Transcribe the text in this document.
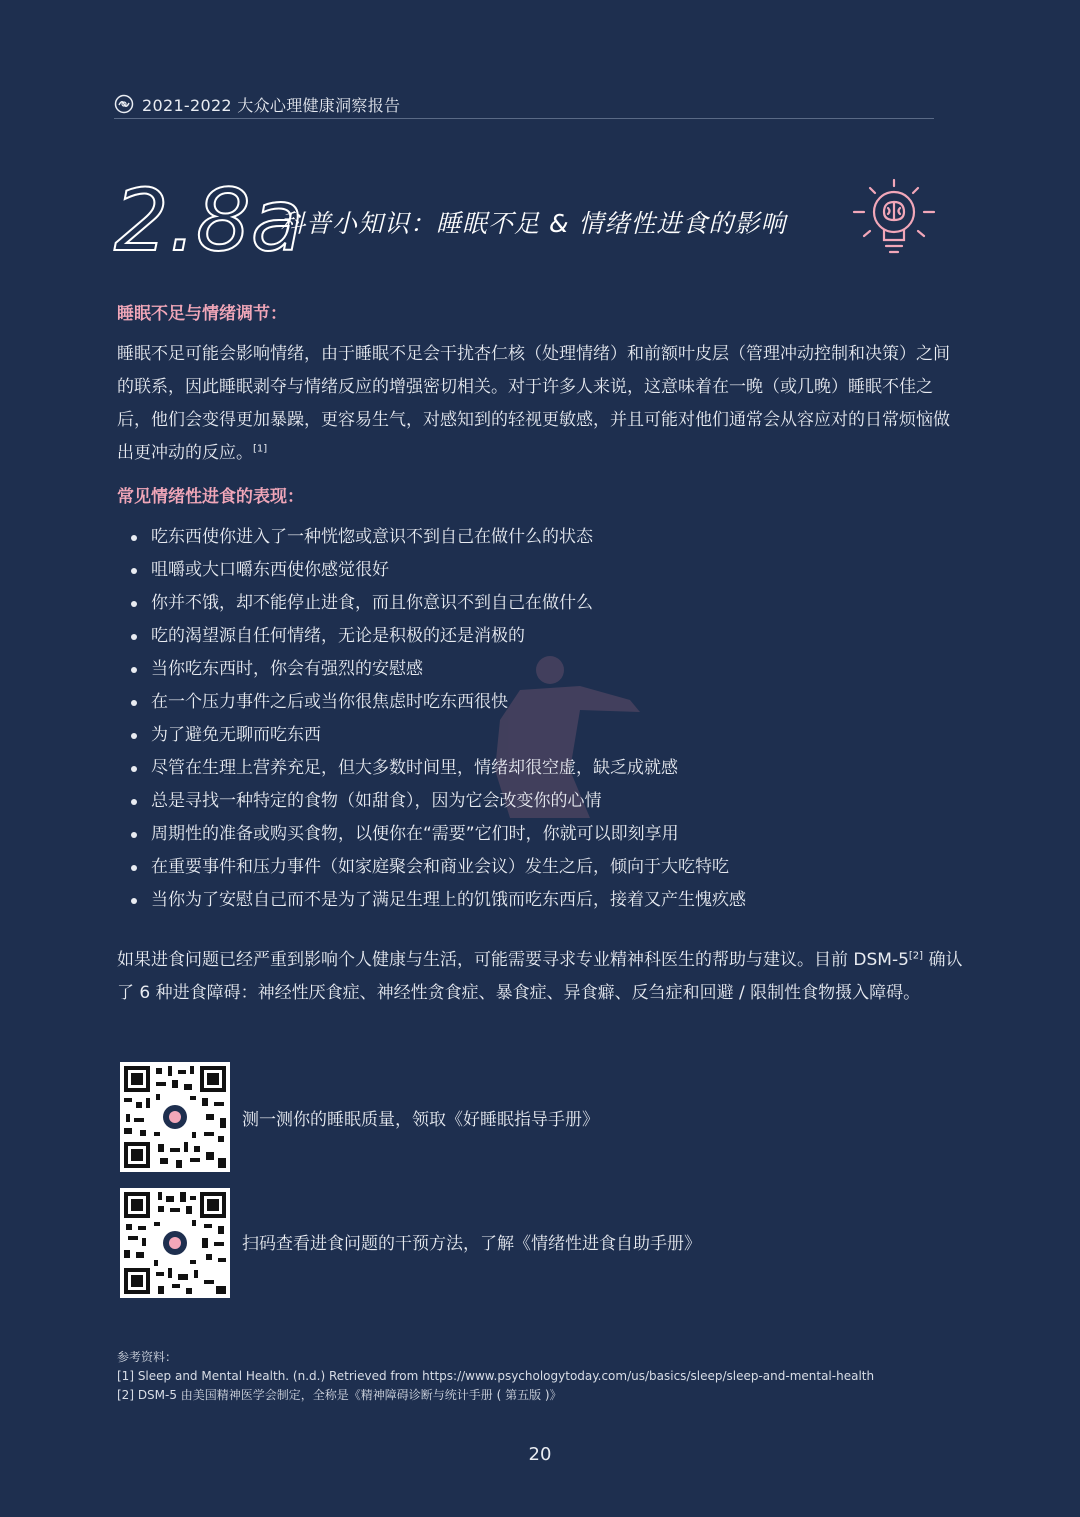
2021-2022 大众心理健康洞察报告
2.8a
科普小知识：睡眠不足 & 情绪性进食的影响
睡眠不足与情绪调节：
睡眠不足可能会影响情绪，由于睡眠不足会干扰杏仁核（处理情绪）和前额叶皮层（管理冲动控制和决策）之间的联系，因此睡眠剥夺与情绪反应的增强密切相关。对于许多人来说，这意味着在一晚（或几晚）睡眠不佳之后，他们会变得更加暴躁，更容易生气，对感知到的轻视更敏感，并且可能对他们通常会从容应对的日常烦恼做出更冲动的反应。[1]
常见情绪性进食的表现：
吃东西使你进入了一种恍惚或意识不到自己在做什么的状态
咀嚼或大口嚼东西使你感觉很好
你并不饿，却不能停止进食，而且你意识不到自己在做什么
吃的渴望源自任何情绪，无论是积极的还是消极的
当你吃东西时，你会有强烈的安慰感
在一个压力事件之后或当你很焦虑时吃东西很快
为了避免无聊而吃东西
尽管在生理上营养充足，但大多数时间里，情绪却很空虚，缺乏成就感
总是寻找一种特定的食物（如甜食），因为它会改变你的心情
周期性的准备或购买食物，以便你在“需要”它们时，你就可以即刻享用
在重要事件和压力事件（如家庭聚会和商业会议）发生之后，倾向于大吃特吃
当你为了安慰自己而不是为了满足生理上的饥饿而吃东西后，接着又产生愧疚感
如果进食问题已经严重到影响个人健康与生活，可能需要寻求专业精神科医生的帮助与建议。目前 DSM-5[2] 确认了 6 种进食障碍：神经性厌食症、神经性贪食症、暴食症、异食癖、反刍症和回避 / 限制性食物摄入障碍。
测一测你的睡眠质量，领取《好睡眠指导手册》
扫码查看进食问题的干预方法，了解《情绪性进食自助手册》
参考资料：
[1] Sleep and Mental Health. (n.d.) Retrieved from https://www.psychologytoday.com/us/basics/sleep/sleep-and-mental-health
[2] DSM-5 由美国精神医学会制定，全称是《精神障碍诊断与统计手册 ( 第五版 )》
20
